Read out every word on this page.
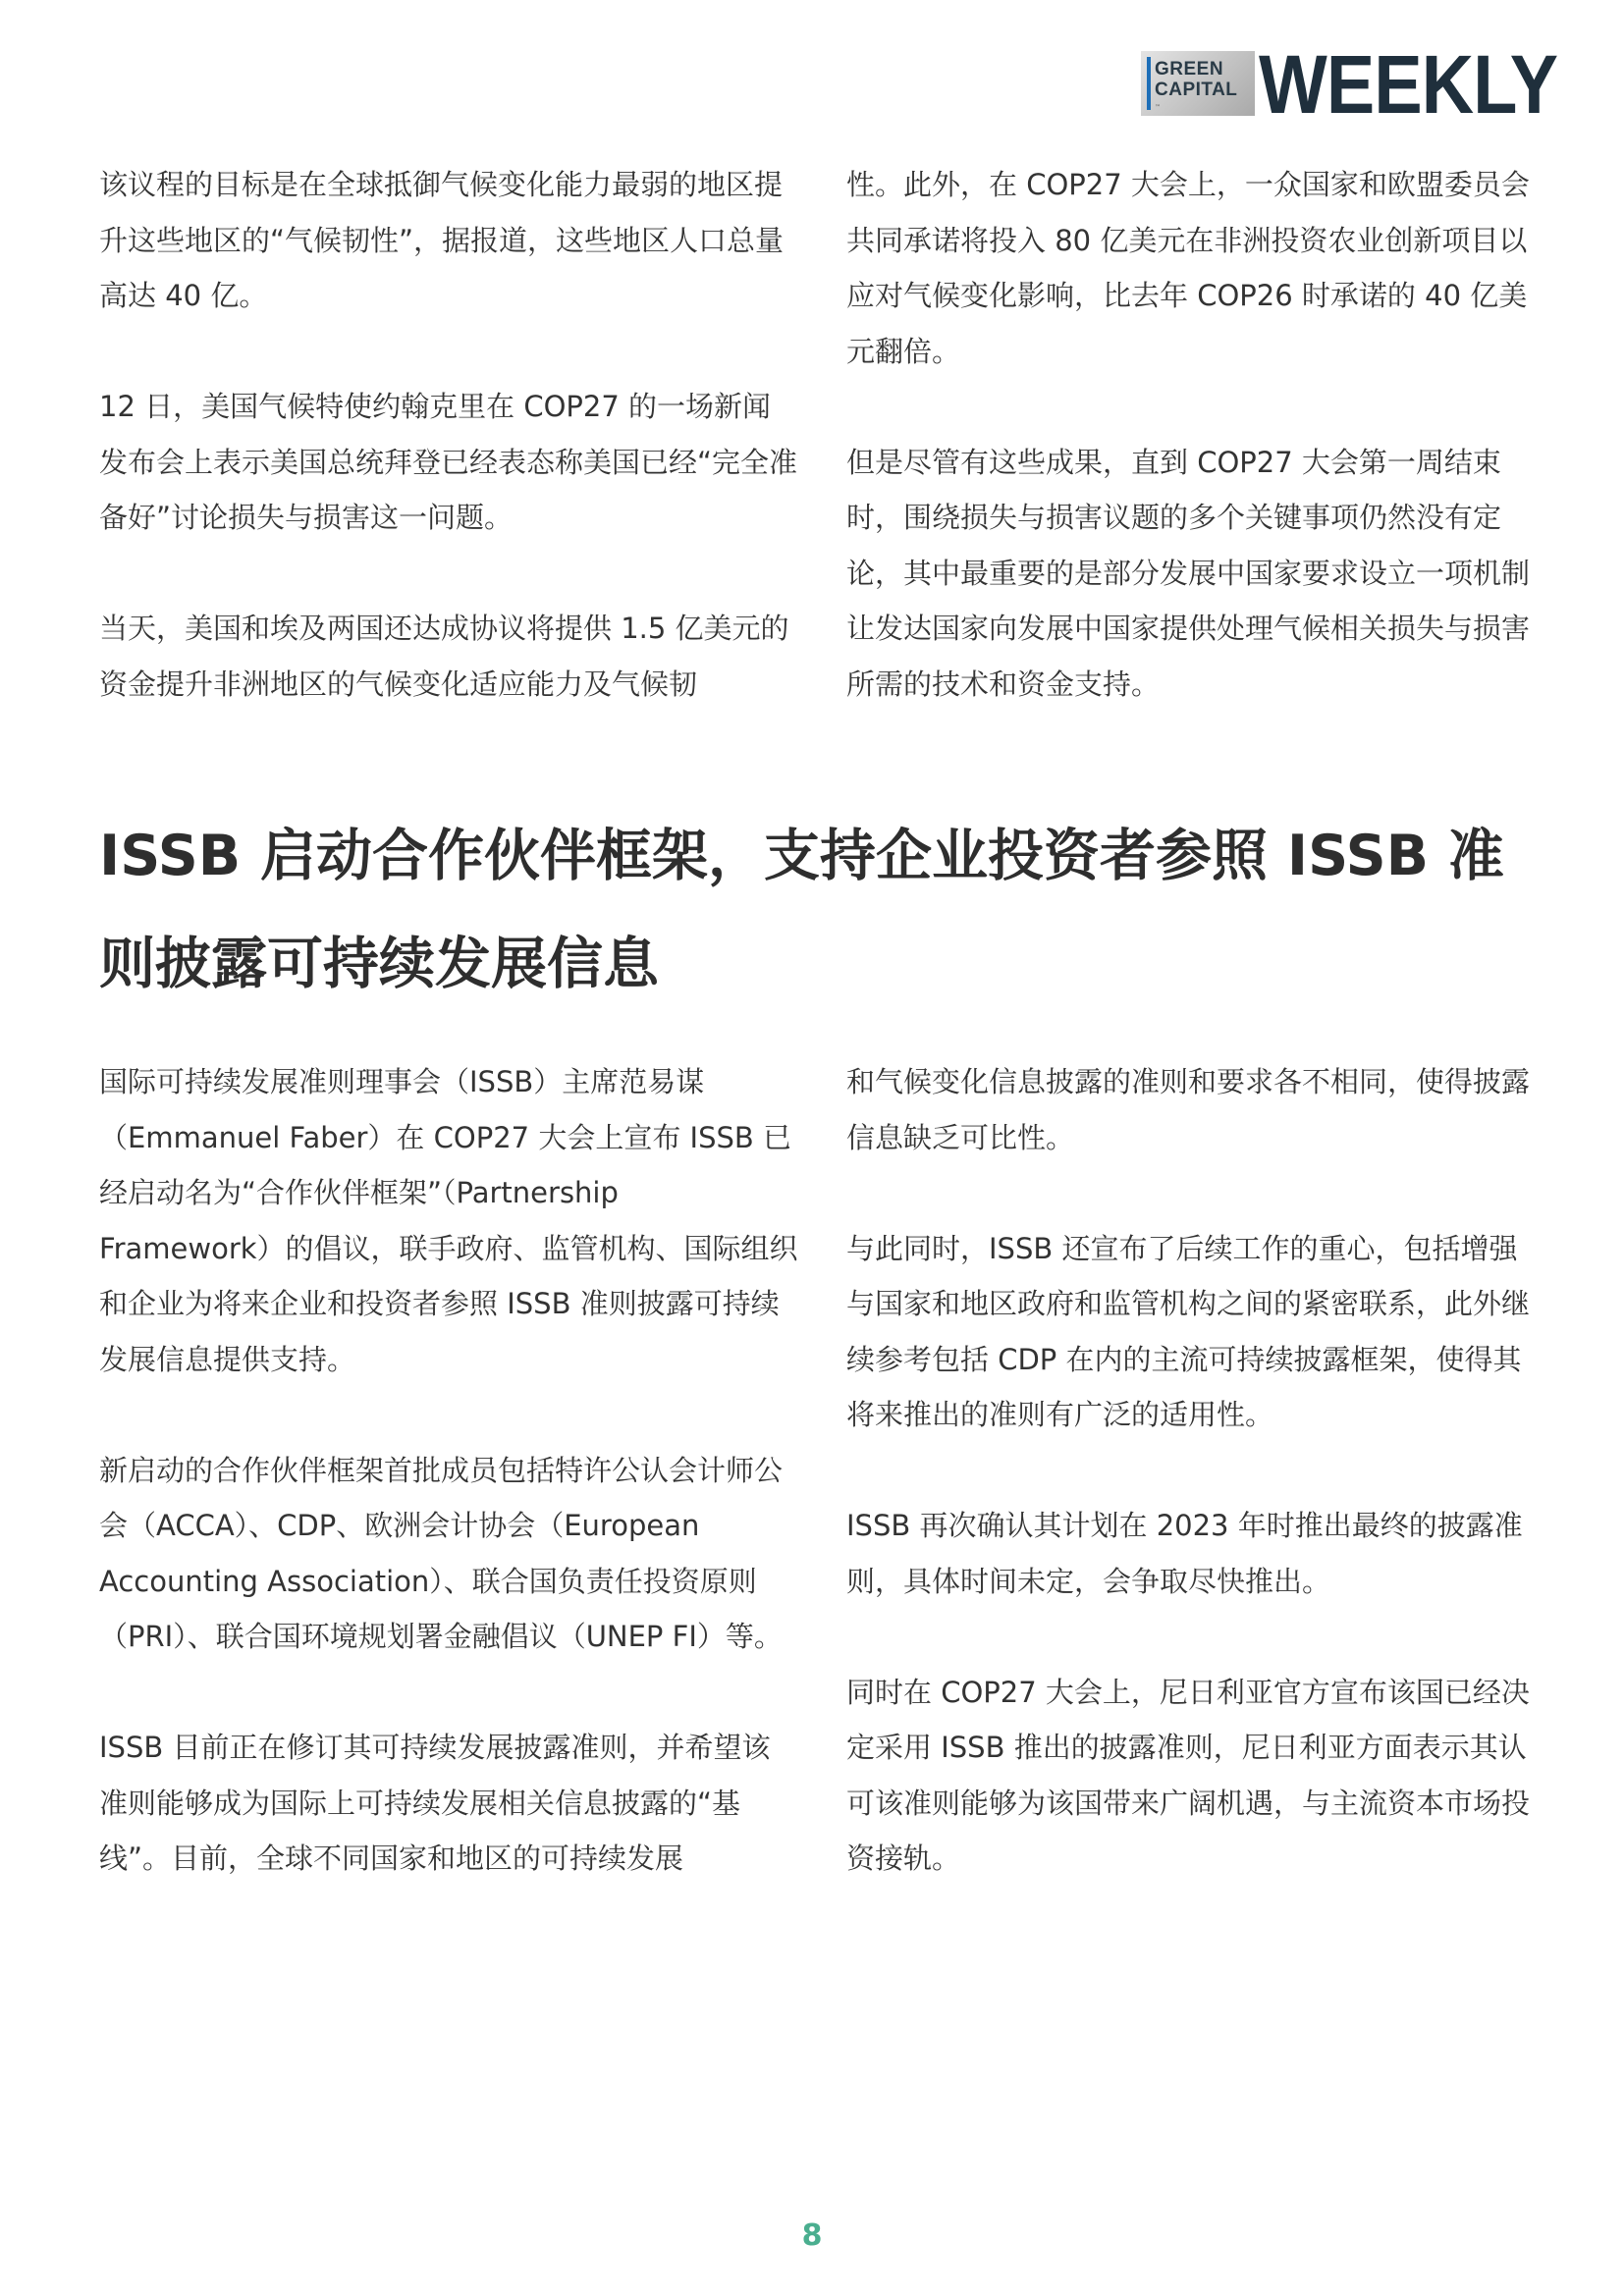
GREEN
CAPITAL
™ WEEKLY

该议程的目标是在全球抵御气候变化能力最弱的地区提升这些地区的“气候韧性”，据报道，这些地区人口总量高达 40 亿。

12 日，美国气候特使约翰克里在 COP27 的一场新闻发布会上表示美国总统拜登已经表态称美国已经“完全准备好”讨论损失与损害这一问题。

当天，美国和埃及两国还达成协议将提供 1.5 亿美元的资金提升非洲地区的气候变化适应能力及气候韧

性。此外，在 COP27 大会上，一众国家和欧盟委员会共同承诺将投入 80 亿美元在非洲投资农业创新项目以应对气候变化影响，比去年 COP26 时承诺的 40 亿美元翻倍。

但是尽管有这些成果，直到 COP27 大会第一周结束时，围绕损失与损害议题的多个关键事项仍然没有定论，其中最重要的是部分发展中国家要求设立一项机制让发达国家向发展中国家提供处理气候相关损失与损害所需的技术和资金支持。

ISSB 启动合作伙伴框架，支持企业投资者参照 ISSB 准则披露可持续发展信息

国际可持续发展准则理事会（ISSB）主席范易谋（Emmanuel Faber）在 COP27 大会上宣布 ISSB 已经启动名为“合作伙伴框架”（Partnership Framework）的倡议，联手政府、监管机构、国际组织和企业为将来企业和投资者参照 ISSB 准则披露可持续发展信息提供支持。

新启动的合作伙伴框架首批成员包括特许公认会计师公会（ACCA）、CDP、欧洲会计协会（European Accounting Association）、联合国负责任投资原则（PRI）、联合国环境规划署金融倡议（UNEP FI）等。

ISSB 目前正在修订其可持续发展披露准则，并希望该准则能够成为国际上可持续发展相关信息披露的“基线”。目前，全球不同国家和地区的可持续发展

和气候变化信息披露的准则和要求各不相同，使得披露信息缺乏可比性。

与此同时，ISSB 还宣布了后续工作的重心，包括增强与国家和地区政府和监管机构之间的紧密联系，此外继续参考包括 CDP 在内的主流可持续披露框架，使得其将来推出的准则有广泛的适用性。

ISSB 再次确认其计划在 2023 年时推出最终的披露准则，具体时间未定，会争取尽快推出。

同时在 COP27 大会上，尼日利亚官方宣布该国已经决定采用 ISSB 推出的披露准则，尼日利亚方面表示其认可该准则能够为该国带来广阔机遇，与主流资本市场投资接轨。

8
